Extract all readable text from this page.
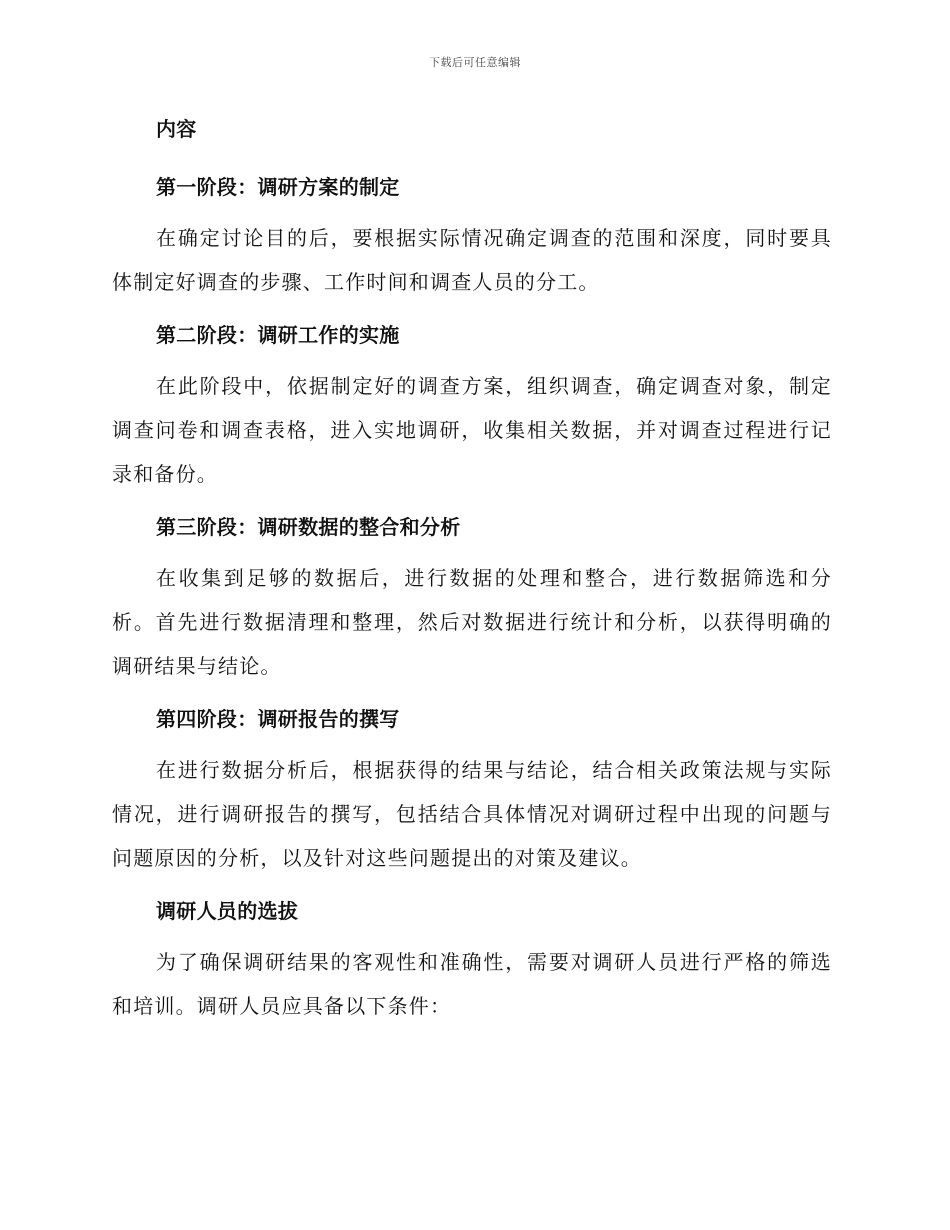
下载后可任意编辑
内容
第一阶段：调研方案的制定

在确定讨论目的后，要根据实际情况确定调查的范围和深度，同时要具体制定好调查的步骤、工作时间和调查人员的分工。

第二阶段：调研工作的实施

在此阶段中，依据制定好的调查方案，组织调查，确定调查对象，制定调查问卷和调查表格，进入实地调研，收集相关数据，并对调查过程进行记录和备份。

第三阶段：调研数据的整合和分析

在收集到足够的数据后，进行数据的处理和整合，进行数据筛选和分析。首先进行数据清理和整理，然后对数据进行统计和分析，以获得明确的调研结果与结论。

第四阶段：调研报告的撰写

在进行数据分析后，根据获得的结果与结论，结合相关政策法规与实际情况，进行调研报告的撰写，包括结合具体情况对调研过程中出现的问题与问题原因的分析，以及针对这些问题提出的对策及建议。

调研人员的选拔

为了确保调研结果的客观性和准确性，需要对调研人员进行严格的筛选和培训。调研人员应具备以下条件：
